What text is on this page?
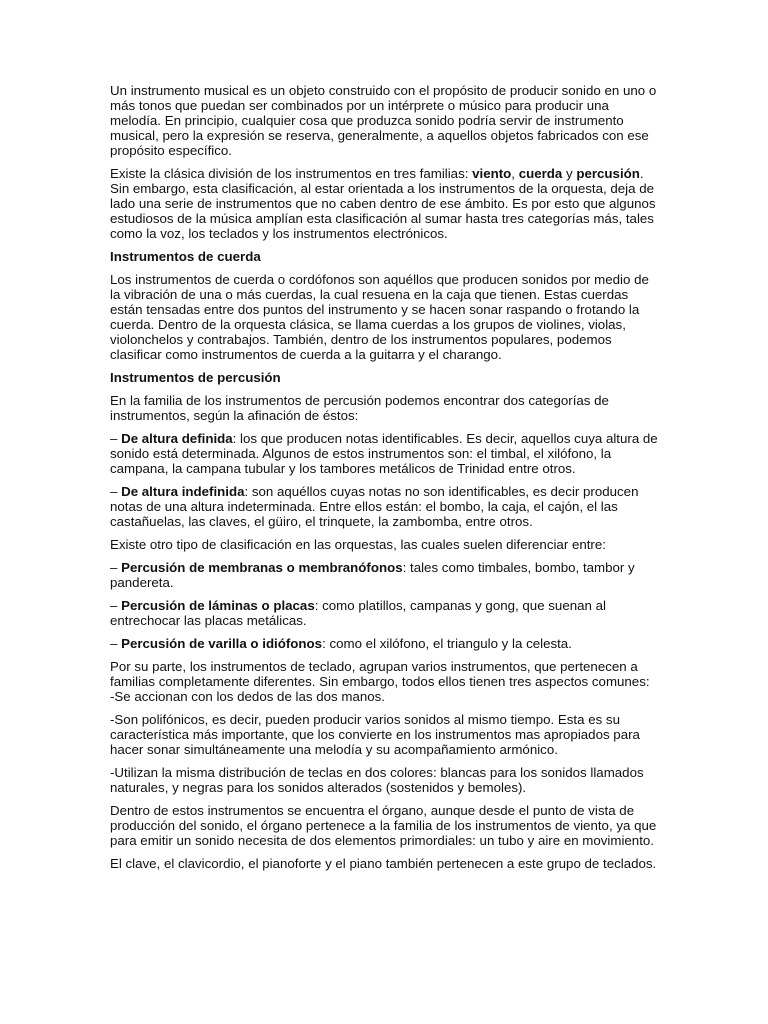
Un instrumento musical es un objeto construido con el propósito de producir sonido en uno o más tonos que puedan ser combinados por un intérprete o músico para producir una melodía. En principio, cualquier cosa que produzca sonido podría servir de instrumento musical, pero la expresión se reserva, generalmente, a aquellos objetos fabricados con ese propósito específico.

Existe la clásica división de los instrumentos en tres familias: viento, cuerda y percusión. Sin embargo, esta clasificación, al estar orientada a los instrumentos de la orquesta, deja de lado una serie de instrumentos que no caben dentro de ese ámbito. Es por esto que algunos estudiosos de la música amplían esta clasificación al sumar hasta tres categorías más, tales como la voz, los teclados y los instrumentos electrónicos.

Instrumentos de cuerda

Los instrumentos de cuerda o cordófonos son aquéllos que producen sonidos por medio de la vibración de una o más cuerdas, la cual resuena en la caja que tienen. Estas cuerdas están tensadas entre dos puntos del instrumento y se hacen sonar raspando o frotando la cuerda. Dentro de la orquesta clásica, se llama cuerdas a los grupos de violines, violas, violonchelos y contrabajos. También, dentro de los instrumentos populares, podemos clasificar como instrumentos de cuerda a la guitarra y el charango.

Instrumentos de percusión

En la familia de los instrumentos de percusión podemos encontrar dos categorías de instrumentos, según la afinación de éstos:

– De altura definida: los que producen notas identificables. Es decir, aquellos cuya altura de sonido está determinada. Algunos de estos instrumentos son: el timbal, el xilófono, la campana, la campana tubular y los tambores metálicos de Trinidad entre otros.

– De altura indefinida: son aquéllos cuyas notas no son identificables, es decir producen notas de una altura indeterminada. Entre ellos están: el bombo, la caja, el cajón, el las castañuelas, las claves, el güiro, el trinquete, la zambomba, entre otros.

Existe otro tipo de clasificación en las orquestas, las cuales suelen diferenciar entre:

– Percusión de membranas o membranófonos: tales como timbales, bombo, tambor y pandereta.

– Percusión de láminas o placas: como platillos, campanas y gong, que suenan al entrechocar las placas metálicas.

– Percusión de varilla o idiófonos: como el xilófono, el triangulo y la celesta.

Por su parte, los instrumentos de teclado, agrupan varios instrumentos, que pertenecen a familias completamente diferentes. Sin embargo, todos ellos tienen tres aspectos comunes:

-Se accionan con los dedos de las dos manos.

-Son polifónicos, es decir, pueden producir varios sonidos al mismo tiempo. Esta es su característica más importante, que los convierte en los instrumentos mas apropiados para hacer sonar simultáneamente una melodía y su acompañamiento armónico.

-Utilizan la misma distribución de teclas en dos colores: blancas para los sonidos llamados naturales, y negras para los sonidos alterados (sostenidos y bemoles).

Dentro de estos instrumentos se encuentra el órgano, aunque desde el punto de vista de producción del sonido, el órgano pertenece a la familia de los instrumentos de viento, ya que para emitir un sonido necesita de dos elementos primordiales: un tubo y aire en movimiento.

El clave, el clavicordio, el pianoforte y el piano también pertenecen a este grupo de teclados.
